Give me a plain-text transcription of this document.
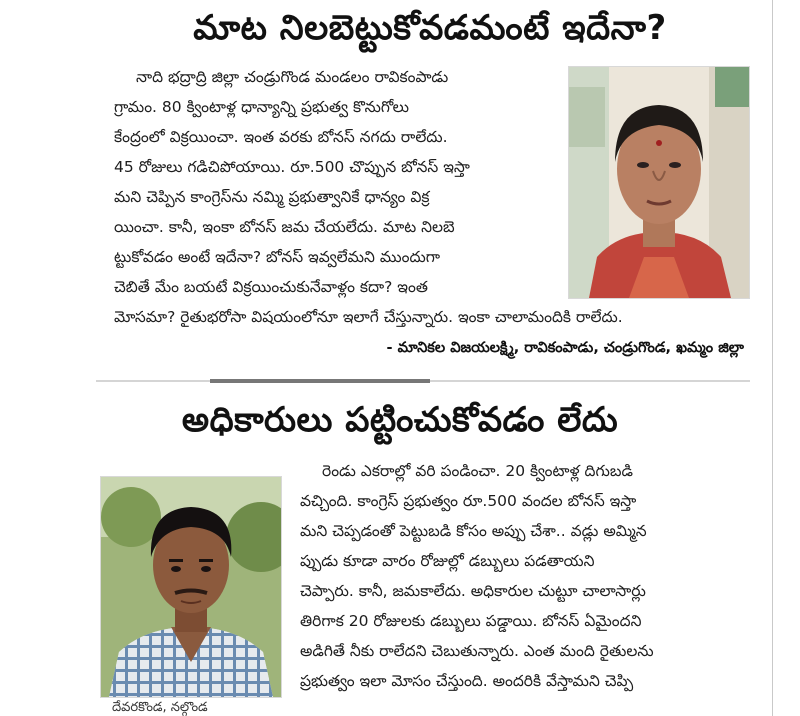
మాట నిలబెట్టుకోవడమంటే ఇదేనా?
నాది భద్రాద్రి జిల్లా చండ్రుగొండ మండలం రావికంపాడు
గ్రామం. 80 క్వింటాళ్ల ధాన్యాన్ని ప్రభుత్వ కొనుగోలు
కేంద్రంలో విక్రయించా. ఇంత వరకు బోనస్ నగదు రాలేదు.
45 రోజులు గడిచిపోయాయి. రూ.500 చొప్పున బోనస్ ఇస్తా
మని చెప్పిన కాంగ్రెస్‌ను నమ్మి ప్రభుత్వానికే ధాన్యం విక్ర
యించా. కానీ, ఇంకా బోనస్ జమ చేయలేదు. మాట నిలబె
ట్టుకోవడం అంటే ఇదేనా? బోనస్ ఇవ్వలేమని ముందుగా
చెబితే మేం బయటే విక్రయించుకునేవాళ్లం కదా? ఇంత
మోసమా? రైతుభరోసా విషయంలోనూ ఇలాగే చేస్తున్నారు. ఇంకా చాలామందికి రాలేదు.
- మానికల విజయలక్ష్మి, రావికంపాడు, చండ్రుగొండ, ఖమ్మం జిల్లా
అధికారులు పట్టించుకోవడం లేదు
రెండు ఎకరాల్లో వరి పండించా. 20 క్వింటాళ్ల దిగుబడి
వచ్చింది. కాంగ్రెస్ ప్రభుత్వం రూ.500 వందల బోనస్ ఇస్తా
మని చెప్పడంతో పెట్టుబడి కోసం అప్పు చేశా.. వడ్లు అమ్మిన
ప్పుడు కూడా వారం రోజుల్లో డబ్బులు పడతాయని
చెప్పారు. కానీ, జమకాలేదు. అధికారుల చుట్టూ చాలాసార్లు
తిరిగాక 20 రోజులకు డబ్బులు పడ్డాయి. బోనస్ ఏమైందని
అడిగితే నీకు రాలేదని చెబుతున్నారు. ఎంత మంది రైతులను
ప్రభుత్వం ఇలా మోసం చేస్తుంది. అందరికి వేస్తామని చెప్పి
దేవరకొండ, నల్గొండ
